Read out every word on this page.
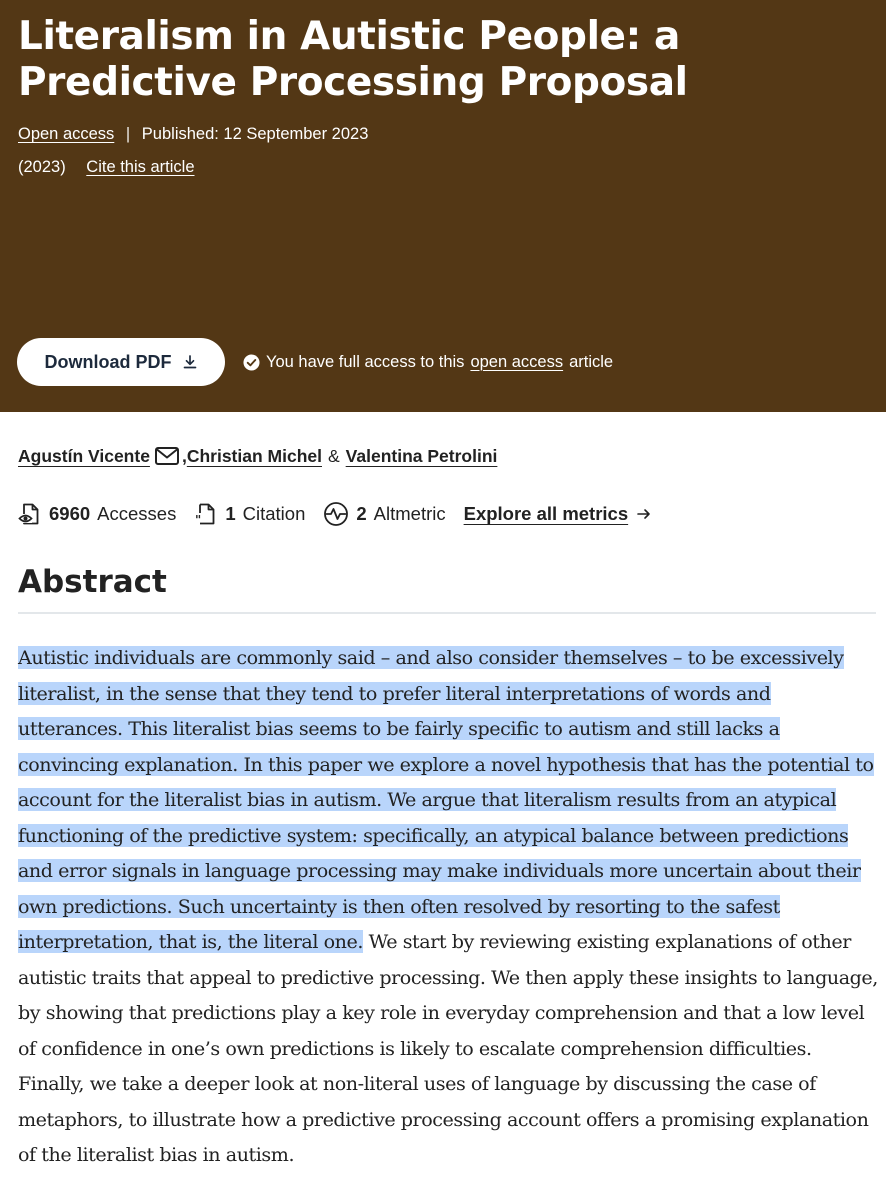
Literalism in Autistic People: a Predictive Processing Proposal
Open access | Published: 12 September 2023
(2023) Cite this article
Download PDF	You have full access to this open access article
Agustín Vicente , Christian Michel & Valentina Petrolini
6960 Accesses " 1 Citation	2 Altmetric Explore all metrics
Abstract

Autistic individuals are commonly said – and also consider themselves – to be excessively literalist, in the sense that they tend to prefer literal interpretations of words and utterances. This literalist bias seems to be fairly specific to autism and still lacks a convincing explanation. In this paper we explore a novel hypothesis that has the potential to account for the literalist bias in autism. We argue that literalism results from an atypical functioning of the predictive system: specifically, an atypical balance between predictions and error signals in language processing may make individuals more uncertain about their own predictions. Such uncertainty is then often resolved by resorting to the safest interpretation, that is, the literal one. We start by reviewing existing explanations of other autistic traits that appeal to predictive processing. We then apply these insights to language, by showing that predictions play a key role in everyday comprehension and that a low level of confidence in one’s own predictions is likely to escalate comprehension difficulties. Finally, we take a deeper look at non-literal uses of language by discussing the case of metaphors, to illustrate how a predictive processing account offers a promising explanation of the literalist bias in autism.
